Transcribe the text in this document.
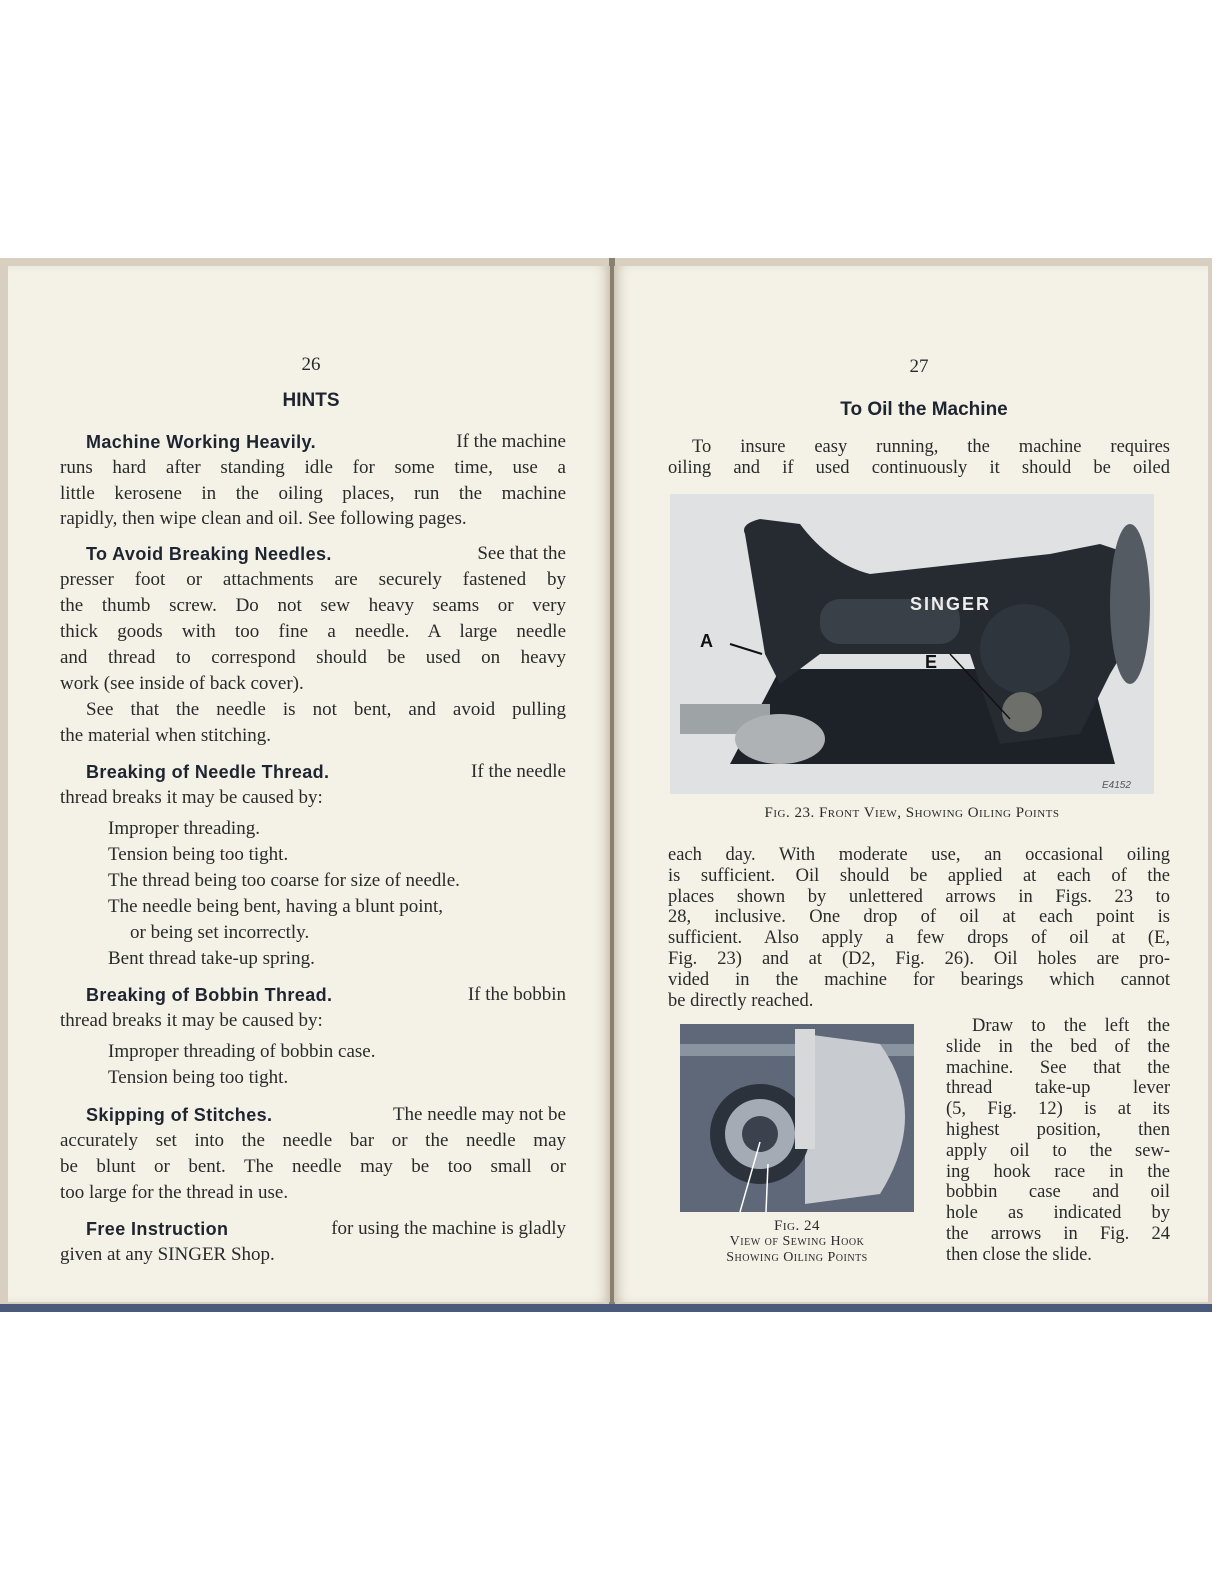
26
HINTS
Machine Working Heavily.	If the machine
runs hard after standing idle for some time, use a
little kerosene in the oiling places, run the machine
rapidly, then wipe clean and oil. See following pages.
To Avoid Breaking Needles.	See that the
presser foot or attachments are securely fastened by
the thumb screw. Do not sew heavy seams or very
thick goods with too fine a needle. A large needle
and thread to correspond should be used on heavy
work (see inside of back cover).
See that the needle is not bent, and avoid pulling
the material when stitching.
Breaking of Needle Thread.	If the needle
thread breaks it may be caused by:
Improper threading.
Tension being too tight.
The thread being too coarse for size of needle.
The needle being bent, having a blunt point,
or being set incorrectly.
Bent thread take-up spring.
Breaking of Bobbin Thread.	If the bobbin
thread breaks it may be caused by:
Improper threading of bobbin case.
Tension being too tight.
Skipping of Stitches.	The needle may not be
accurately set into the needle bar or the needle may
be blunt or bent. The needle may be too small or
too large for the thread in use.
Free Instruction	for using the machine is gladly
given at any SINGER Shop.
27
To Oil the Machine
To insure easy running, the machine requires
oiling and if used continuously it should be oiled
SINGER
A
E
E4152
Fig. 23. Front View, Showing Oiling Points
each day. With moderate use, an occasional oiling
is sufficient. Oil should be applied at each of the
places shown by unlettered arrows in Figs. 23 to
28, inclusive. One drop of oil at each point is
sufficient. Also apply a few drops of oil at (E,
Fig. 23) and at (D2, Fig. 26). Oil holes are pro-
vided in the machine for bearings which cannot
be directly reached.
Fig. 24
View of Sewing Hook
Showing Oiling Points
Draw to the left the
slide in the bed of the
machine. See that the
thread take-up lever
(5, Fig. 12) is at its
highest position, then
apply oil to the sew-
ing hook race in the
bobbin case and oil
hole as indicated by
the arrows in Fig. 24
then close the slide.
